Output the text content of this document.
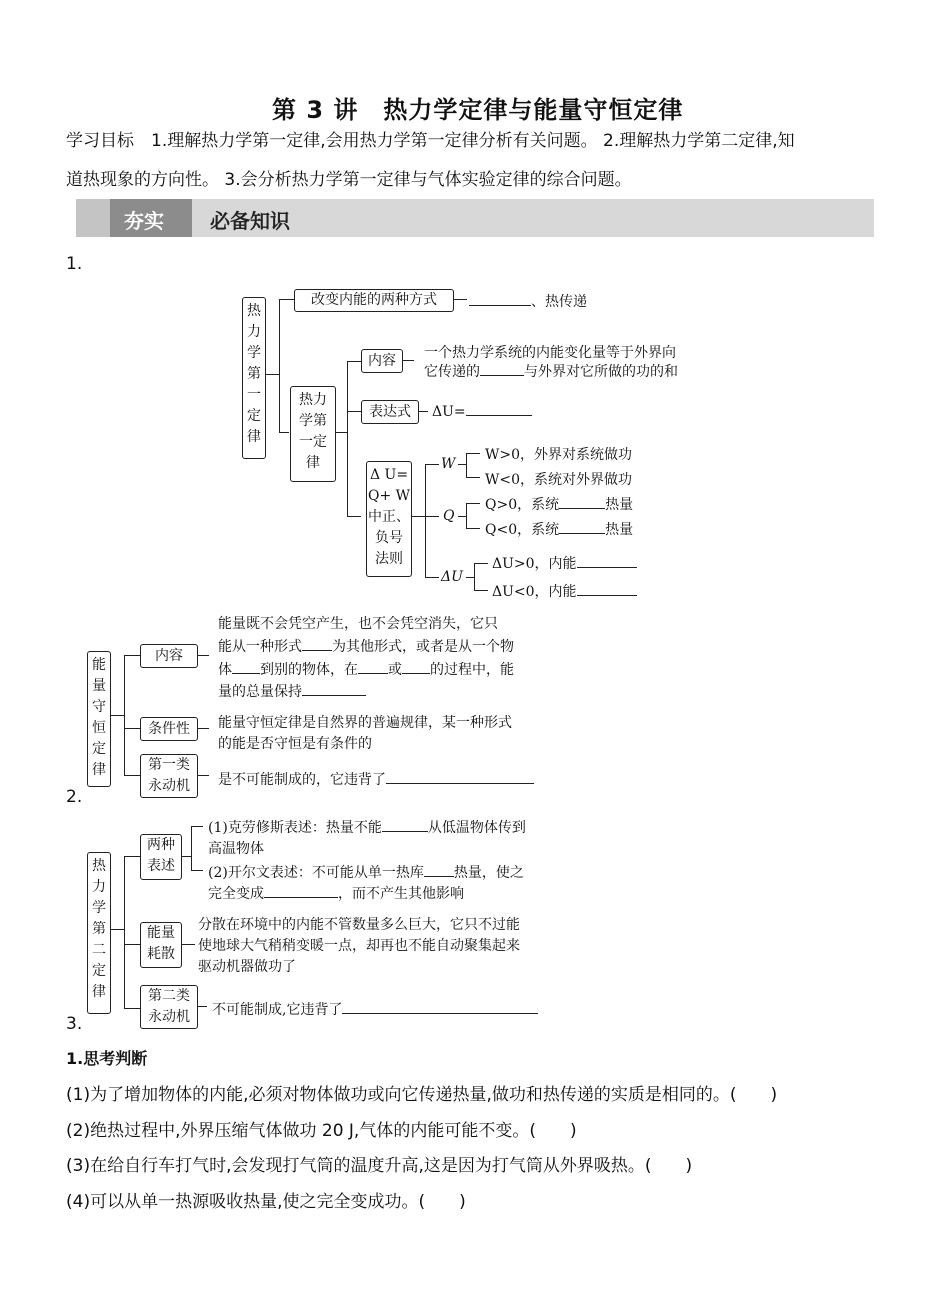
第 3 讲　热力学定律与能量守恒定律
学习目标　1.理解热力学第一定律,会用热力学第一定律分析有关问题。 2.理解热力学第二定律,知
道热现象的方向性。 3.会分析热力学第一定律与气体实验定律的综合问题。
夯实 必备知识
1.
热
力
学
第
一
定
律
改变内能的两种方式	、热传递
热力
学第
一定
律
内容	一个热力学系统的内能变化量等于外界向
它传递的	与外界对它所做的功的和
表达式	ΔU=
Δ U=
Q+ W
中正、
负号
法则
W
W>0，外界对系统做功
W<0，系统对外界做功
Q
Q>0，系统	热量
Q<0，系统	热量
ΔU
ΔU>0，内能
ΔU<0，内能
能
量
守
恒
定
律
内容
能量既不会凭空产生，也不会凭空消失，它只
能从一种形式 为其他形式，或者是从一个物
体 到别的物体，在 或 的过程中，能
量的总量保持
条件性	能量守恒定律是自然界的普遍规律，某一种形式
的能是否守恒是有条件的
第一类
永动机	是不可能制成的，它违背了
2.
热
力
学
第
二
定
律
两种
表述
(1)克劳修斯表述：热量不能	从低温物体传到
高温物体
(2)开尔文表述：不可能从单一热库 热量，使之
完全变成	，而不产生其他影响
能量
耗散
分散在环境中的内能不管数量多么巨大，它只不过能
使地球大气稍稍变暖一点，却再也不能自动聚集起来
驱动机器做功了
第二类
永动机	不可能制成,它违背了
3.
1.思考判断
(1)为了增加物体的内能,必须对物体做功或向它传递热量,做功和热传递的实质是相同的。(　　)
(2)绝热过程中,外界压缩气体做功 20 J,气体的内能可能不变。(　　)
(3)在给自行车打气时,会发现打气筒的温度升高,这是因为打气筒从外界吸热。(　　)
(4)可以从单一热源吸收热量,使之完全变成功。(　　)
